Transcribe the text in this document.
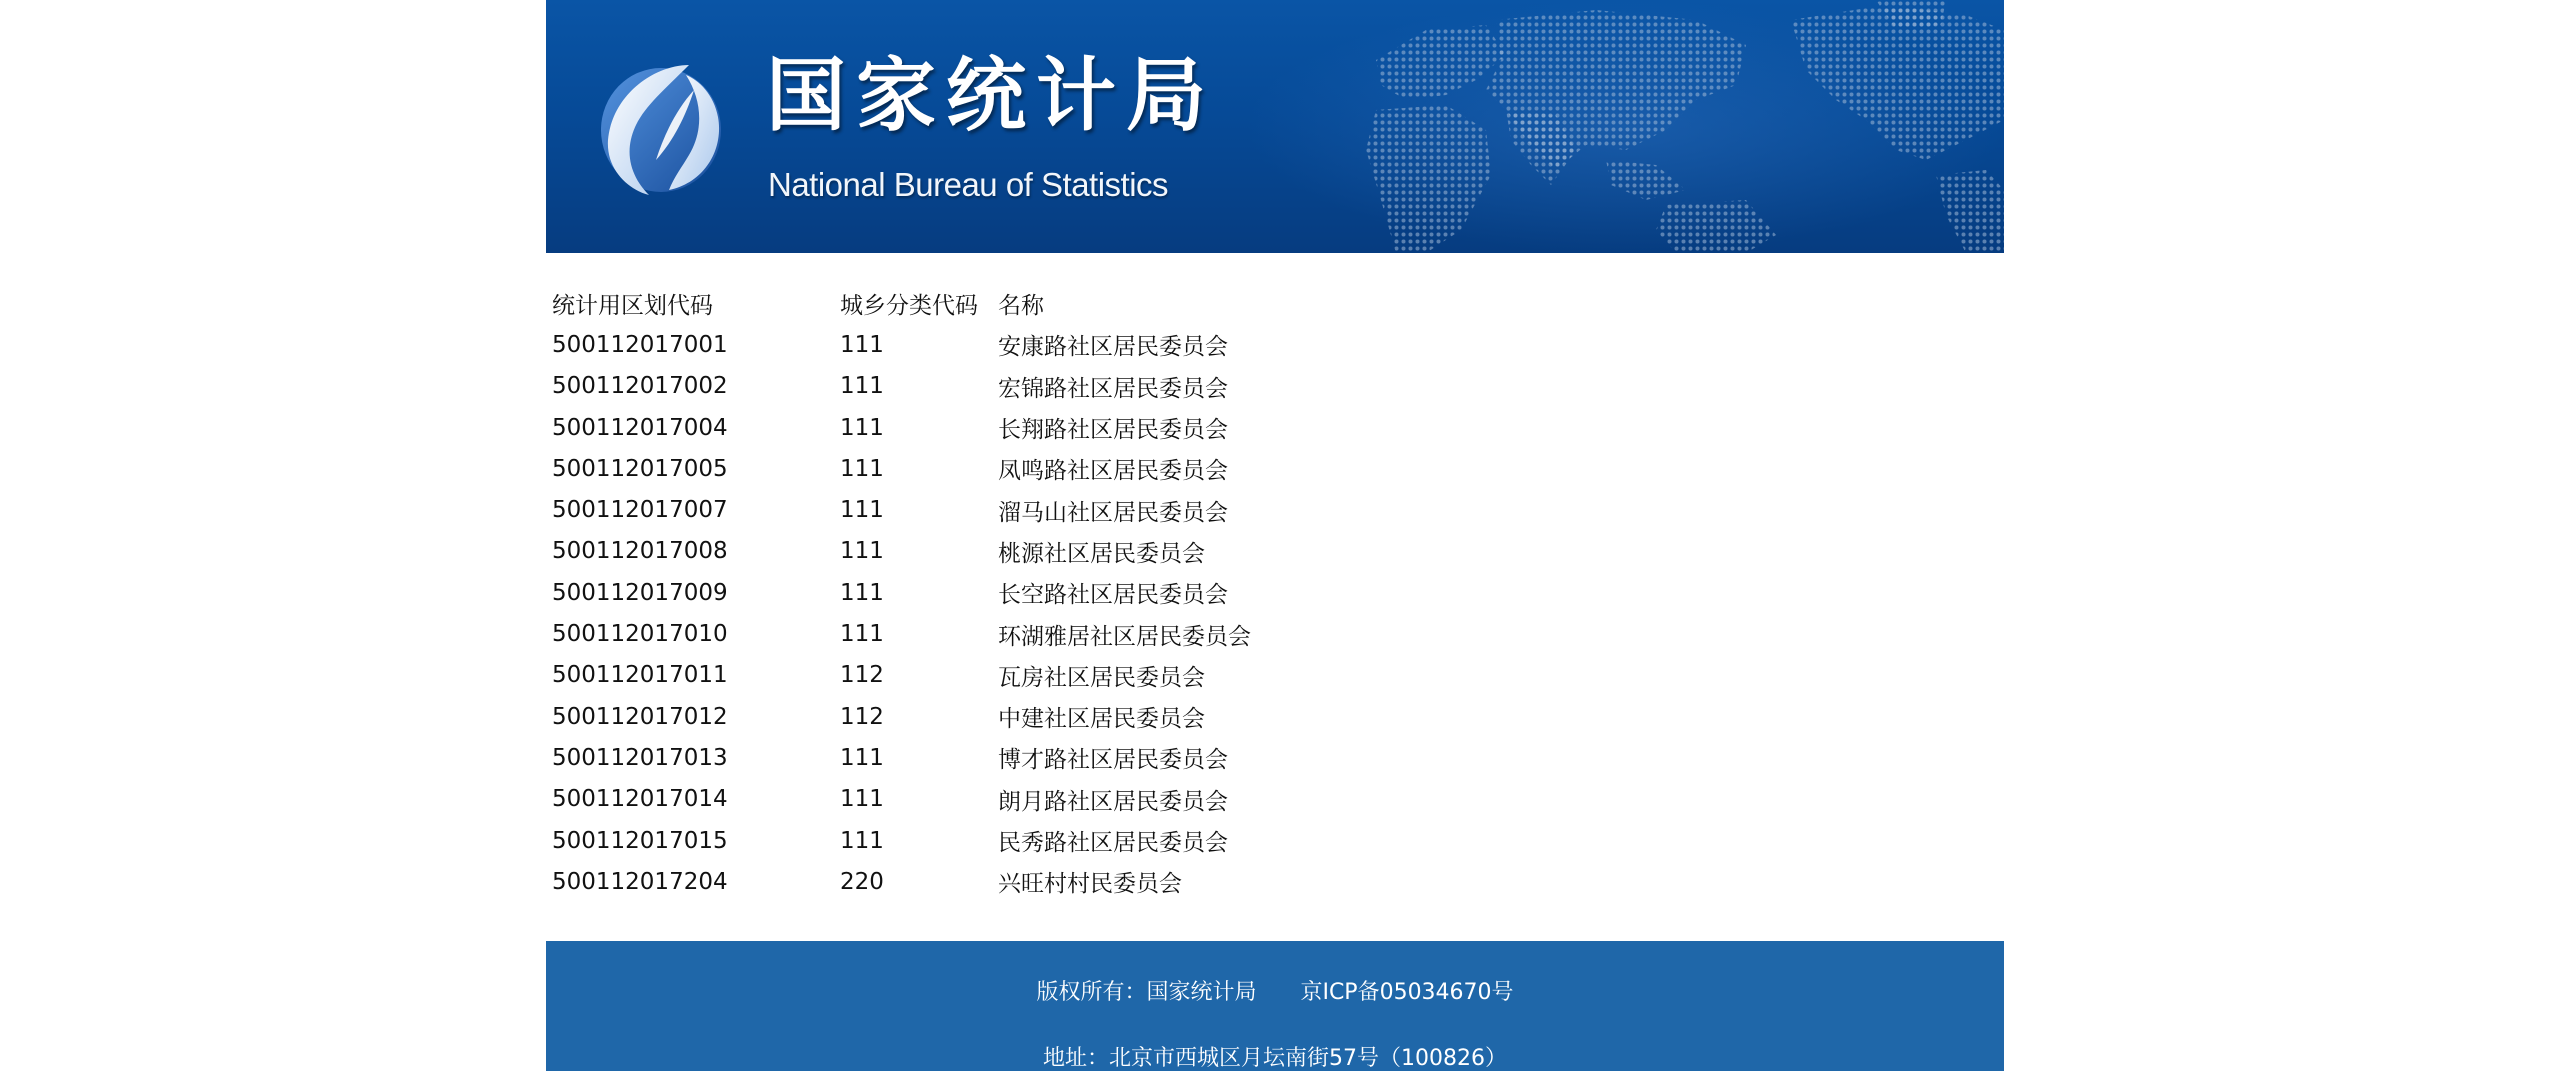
国家统计局
National Bureau of Statistics
统计用区划代码	城乡分类代码	名称
500112017001	111	安康路社区居民委员会
500112017002	111	宏锦路社区居民委员会
500112017004	111	长翔路社区居民委员会
500112017005	111	凤鸣路社区居民委员会
500112017007	111	溜马山社区居民委员会
500112017008	111	桃源社区居民委员会
500112017009	111	长空路社区居民委员会
500112017010	111	环湖雅居社区居民委员会
500112017011	112	瓦房社区居民委员会
500112017012	112	中建社区居民委员会
500112017013	111	博才路社区居民委员会
500112017014	111	朗月路社区居民委员会
500112017015	111	民秀路社区居民委员会
500112017204	220	兴旺村村民委员会
版权所有：国家统计局 京ICP备05034670号
地址：北京市西城区月坛南街57号（100826）
